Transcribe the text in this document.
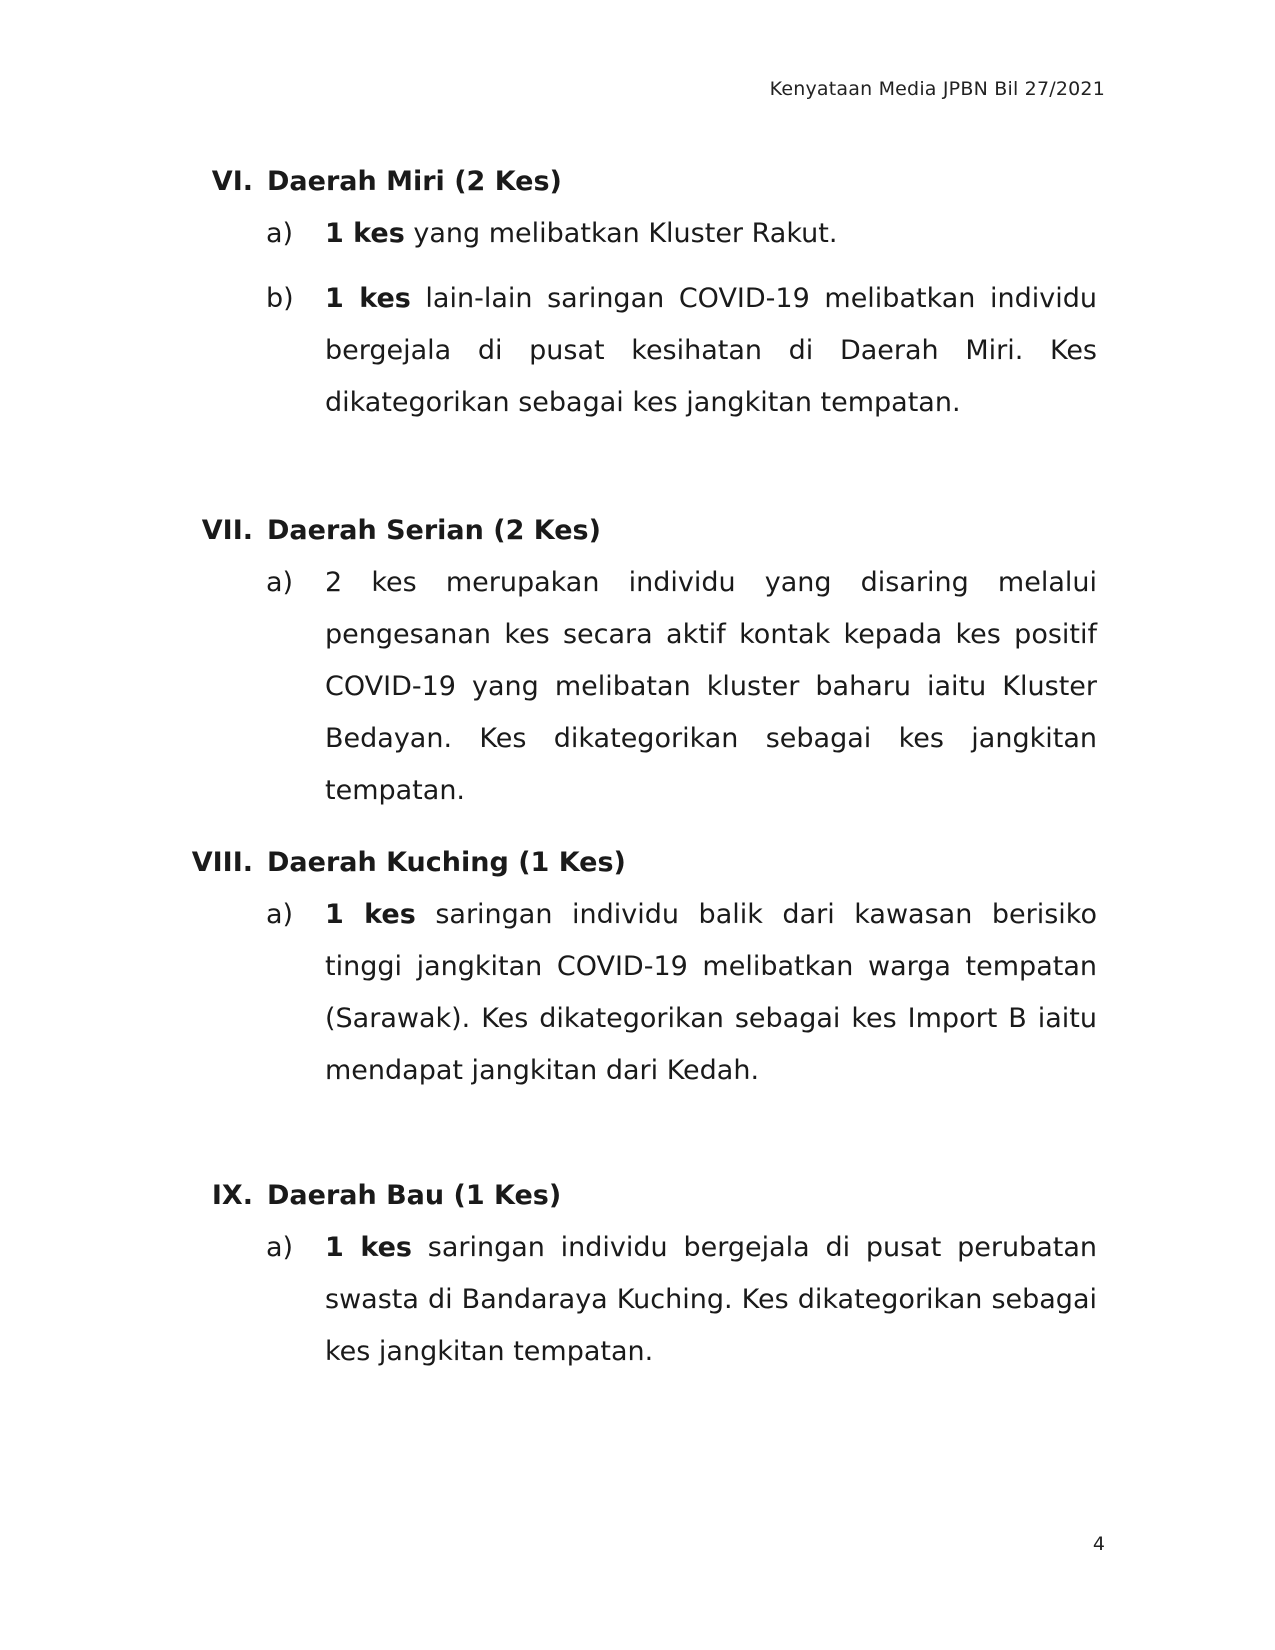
Kenyataan Media JPBN Bil 27/2021
VI. Daerah Miri (2 Kes)
a) 1 kes yang melibatkan Kluster Rakut.
b) 1 kes lain-lain saringan COVID-19 melibatkan individu bergejala di pusat kesihatan di Daerah Miri. Kes dikategorikan sebagai kes jangkitan tempatan.
VII. Daerah Serian (2 Kes)
a) 2 kes merupakan individu yang disaring melalui pengesanan kes secara aktif kontak kepada kes positif COVID-19 yang melibatan kluster baharu iaitu Kluster Bedayan. Kes dikategorikan sebagai kes jangkitan tempatan.
VIII. Daerah Kuching (1 Kes)
a) 1 kes saringan individu balik dari kawasan berisiko tinggi jangkitan COVID-19 melibatkan warga tempatan (Sarawak). Kes dikategorikan sebagai kes Import B iaitu mendapat jangkitan dari Kedah.
IX. Daerah Bau (1 Kes)
a) 1 kes saringan individu bergejala di pusat perubatan swasta di Bandaraya Kuching. Kes dikategorikan sebagai kes jangkitan tempatan.
4
